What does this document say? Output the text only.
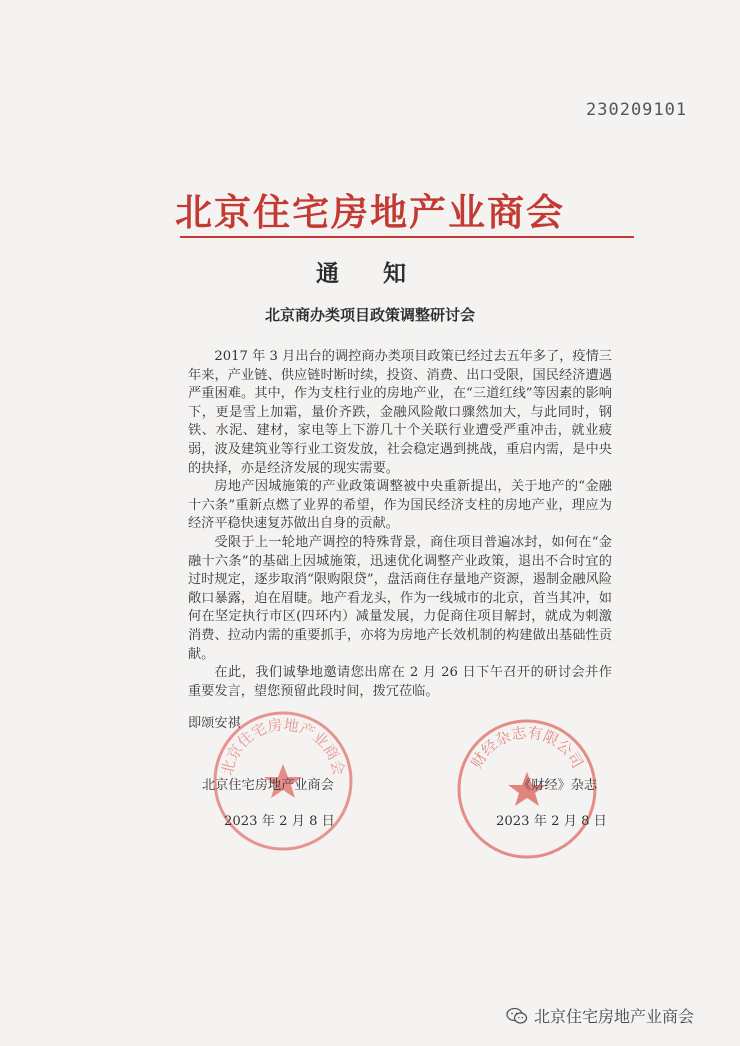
230209101
北京住宅房地产业商会
通 知
北京商办类项目政策调整研讨会

2017 年 3 月出台的调控商办类项目政策已经过去五年多了，疫情三年来，产业链、供应链时断时续，投资、消费、出口受限，国民经济遭遇严重困难。其中，作为支柱行业的房地产业，在“三道红线”等因素的影响下，更是雪上加霜，量价齐跌，金融风险敞口骤然加大，与此同时，钢铁、水泥、建材，家电等上下游几十个关联行业遭受严重冲击，就业疲弱，波及建筑业等行业工资发放，社会稳定遇到挑战，重启内需，是中央的抉择，亦是经济发展的现实需要。

房地产因城施策的产业政策调整被中央重新提出，关于地产的“金融十六条”重新点燃了业界的希望，作为国民经济支柱的房地产业，理应为经济平稳快速复苏做出自身的贡献。

受限于上一轮地产调控的特殊背景，商住项目普遍冰封，如何在“金融十六条”的基础上因城施策，迅速优化调整产业政策，退出不合时宜的过时规定，逐步取消“限购限贷”，盘活商住存量地产资源，遏制金融风险敞口暴露，迫在眉睫。地产看龙头，作为一线城市的北京，首当其冲，如何在坚定执行市区(四环内）减量发展，力促商住项目解封，就成为刺激消费、拉动内需的重要抓手，亦将为房地产长效机制的构建做出基础性贡献。

在此，我们诚挚地邀请您出席在 2 月 26 日下午召开的研讨会并作重要发言，望您预留此段时间，拨冗莅临。

即颂安祺
北京住宅房地产业商会	财经杂志有限公司
北京住宅房地产业商会
2023 年 2 月 8 日
《财经》杂志
2023 年 2 月 8 日
北京住宅房地产业商会
